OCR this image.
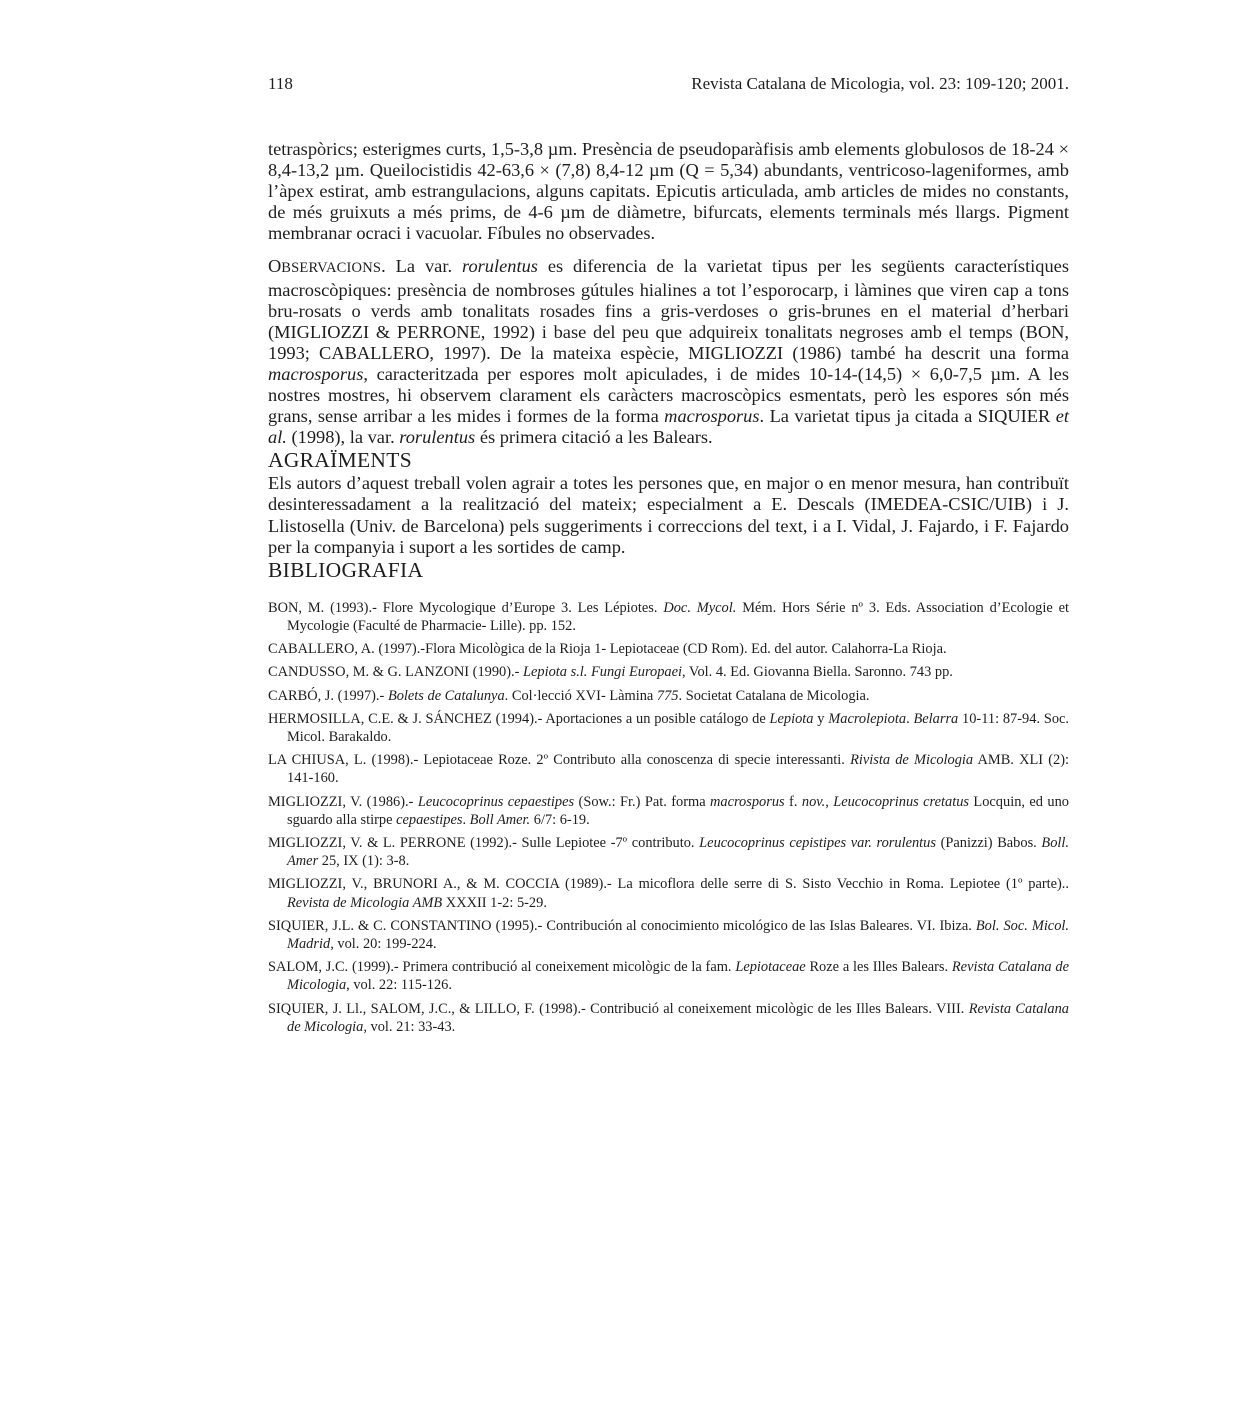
118	Revista Catalana de Micologia, vol. 23: 109-120; 2001.

tetraspòrics; esterigmes curts, 1,5-3,8 µm. Presència de pseudoparàfisis amb elements globulosos de 18-24 × 8,4-13,2 µm. Queilocistidis 42-63,6 × (7,8) 8,4-12 µm (Q = 5,34) abundants, ventricoso-lageniformes, amb l’àpex estirat, amb estrangulacions, alguns capitats. Epicutis articulada, amb articles de mides no constants, de més gruixuts a més prims, de 4-6 µm de diàmetre, bifurcats, elements terminals més llargs. Pigment membranar ocraci i vacuolar. Fíbules no observades.

OBSERVACIONS. La var. rorulentus es diferencia de la varietat tipus per les següents característiques macroscòpiques: presència de nombroses gútules hialines a tot l’esporocarp, i làmines que viren cap a tons bru-rosats o verds amb tonalitats rosades fins a gris-verdoses o gris-brunes en el material d’herbari (MIGLIOZZI & PERRONE, 1992) i base del peu que adquireix tonalitats negroses amb el temps (BON, 1993; CABALLERO, 1997). De la mateixa espècie, MIGLIOZZI (1986) també ha descrit una forma macrosporus, caracteritzada per espores molt apiculades, i de mides 10-14-(14,5) × 6,0-7,5 µm. A les nostres mostres, hi observem clarament els caràcters macroscòpics esmentats, però les espores són més grans, sense arribar a les mides i formes de la forma macrosporus. La varietat tipus ja citada a SIQUIER et al. (1998), la var. rorulentus és primera citació a les Balears.

AGRAÏMENTS

Els autors d’aquest treball volen agrair a totes les persones que, en major o en menor mesura, han contribuït desinteressadament a la realització del mateix; especialment a E. Descals (IMEDEA-CSIC/UIB) i J. Llistosella (Univ. de Barcelona) pels suggeriments i correccions del text, i a I. Vidal, J. Fajardo, i F. Fajardo per la companyia i suport a les sortides de camp.

BIBLIOGRAFIA
BON, M. (1993).- Flore Mycologique d’Europe 3. Les Lépiotes. Doc. Mycol. Mém. Hors Série nº 3. Eds. Association d’Ecologie et Mycologie (Faculté de Pharmacie- Lille). pp. 152.
CABALLERO, A. (1997).-Flora Micològica de la Rioja 1- Lepiotaceae (CD Rom). Ed. del autor. Calahorra-La Rioja.
CANDUSSO, M. & G. LANZONI (1990).- Lepiota s.l. Fungi Europaei, Vol. 4. Ed. Giovanna Biella. Saronno. 743 pp.
CARBÓ, J. (1997).- Bolets de Catalunya. Col·lecció XVI- Làmina 775. Societat Catalana de Micologia.
HERMOSILLA, C.E. & J. SÁNCHEZ (1994).- Aportaciones a un posible catálogo de Lepiota y Macrolepiota. Belarra 10-11: 87-94. Soc. Micol. Barakaldo.
LA CHIUSA, L. (1998).- Lepiotaceae Roze. 2º Contributo alla conoscenza di specie interessanti. Rivista de Micologia AMB. XLI (2): 141-160.
MIGLIOZZI, V. (1986).- Leucocoprinus cepaestipes (Sow.: Fr.) Pat. forma macrosporus f. nov., Leucocoprinus cretatus Locquin, ed uno sguardo alla stirpe cepaestipes. Boll Amer. 6/7: 6-19.
MIGLIOZZI, V. & L. PERRONE (1992).- Sulle Lepiotee -7º contributo. Leucocoprinus cepistipes var. rorulentus (Panizzi) Babos. Boll. Amer 25, IX (1): 3-8.
MIGLIOZZI, V., BRUNORI A., & M. COCCIA (1989).- La micoflora delle serre di S. Sisto Vecchio in Roma. Lepiotee (1º parte).. Revista de Micologia AMB XXXII 1-2: 5-29.
SIQUIER, J.L. & C. CONSTANTINO (1995).- Contribución al conocimiento micológico de las Islas Baleares. VI. Ibiza. Bol. Soc. Micol. Madrid, vol. 20: 199-224.
SALOM, J.C. (1999).- Primera contribució al coneixement micològic de la fam. Lepiotaceae Roze a les Illes Balears. Revista Catalana de Micologia, vol. 22: 115-126.
SIQUIER, J. Ll., SALOM, J.C., & LILLO, F. (1998).- Contribució al coneixement micològic de les Illes Balears. VIII. Revista Catalana de Micologia, vol. 21: 33-43.
